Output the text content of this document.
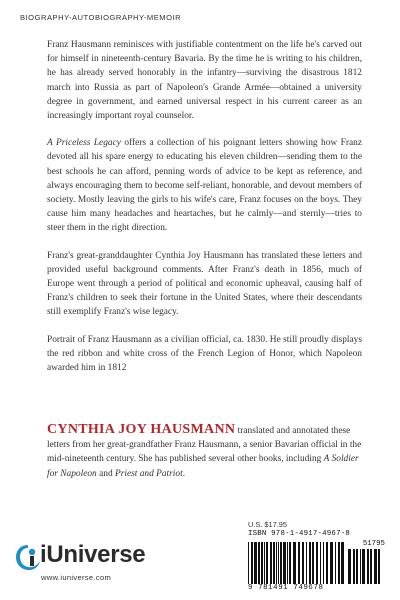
BIOGRAPHY-AUTOBIOGRAPHY-MEMOIR

Franz Hausmann reminisces with justifiable contentment on the life he's carved out for himself in nineteenth-century Bavaria. By the time he is writing to his children, he has already served honorably in the infantry—surviving the disastrous 1812 march into Russia as part of Napoleon's Grande Armée—obtained a university degree in government, and earned universal respect in his current career as an increasingly important royal counselor.

A Priceless Legacy offers a collection of his poignant letters showing how Franz devoted all his spare energy to educating his eleven children—sending them to the best schools he can afford, penning words of advice to be kept as reference, and always encouraging them to become self-reliant, honorable, and devout members of society. Mostly leaving the girls to his wife's care, Franz focuses on the boys. They cause him many headaches and heartaches, but he calmly—and sternly—tries to steer them in the right direction.

Franz's great-granddaughter Cynthia Joy Hausmann has translated these letters and provided useful background comments. After Franz's death in 1856, much of Europe went through a period of political and economic upheaval, causing half of Franz's children to seek their fortune in the United States, where their descendants still exemplify Franz's wise legacy.

Portrait of Franz Hausmann as a civilian official, ca. 1830. He still proudly displays the red ribbon and white cross of the French Legion of Honor, which Napoleon awarded him in 1812

CYNTHIA JOY HAUSMANN translated and annotated these letters from her great-grandfather Franz Hausmann, a senior Bavarian official in the mid-nineteenth century. She has published several other books, including A Soldier for Napoleon and Priest and Patriot.
U.S. $17.95
ISBN 978-1-4917-4967-8
51795
9 781491 749678
iUniverse
www.iuniverse.com
